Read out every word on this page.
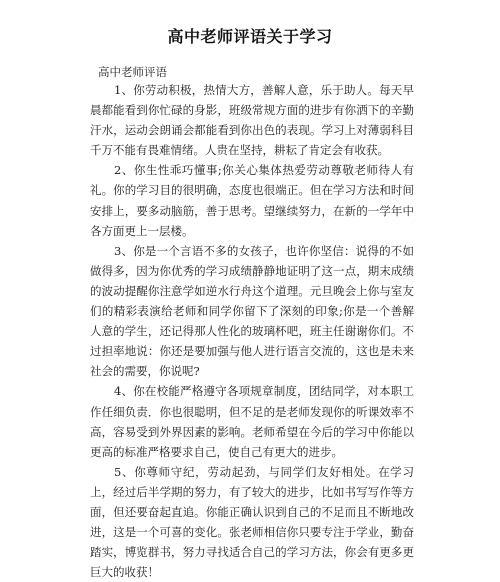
高中老师评语关于学习
高中老师评语

1、你劳动积极，热情大方，善解人意，乐于助人。每天早晨都能看到你忙碌的身影，班级常规方面的进步有你洒下的辛勤汗水，运动会朗诵会都能看到你出色的表现。学习上对薄弱科目千万不能有畏难情绪。人贵在坚持，耕耘了肯定会有收获。

2、你生性乖巧懂事;你关心集体热爱劳动尊敬老师待人有礼。你的学习目的很明确，态度也很端正。但在学习方法和时间安排上，要多动脑筋，善于思考。望继续努力，在新的一学年中各方面更上一层楼。

3、你是一个言语不多的女孩子，也许你坚信：说得的不如做得多，因为你优秀的学习成绩静静地证明了这一点，期末成绩的波动提醒你注意学如逆水行舟这个道理。元旦晚会上你与室友们的精彩表演给老师和同学你留下了深刻的印象;你是一个善解人意的学生，还记得那人性化的玻璃杯吧，班主任谢谢你们。不过担率地说：你还是要加强与他人进行语言交流的，这也是未来社会的需要，你说呢?

4、你在校能严格遵守各项规章制度，团结同学，对本职工作任细负责．你也很聪明，但不足的是老师发现你的听课效率不高，容易受到外界因素的影响。老师希望在今后的学习中你能以更高的标准严格要求自己，使自己有更大的进步。

5、你尊师守纪，劳动起劲，与同学们友好相处。在学习上，经过后半学期的努力，有了较大的进步，比如书写写作等方面，但还要奋起直追。你能正确认识到自己的不足而且不断地改进，这是一个可喜的变化。张老师相信你只要专注于学业，勤奋踏实，博览群书，努力寻找适合自己的学习方法，你会有更多更巨大的收获！
